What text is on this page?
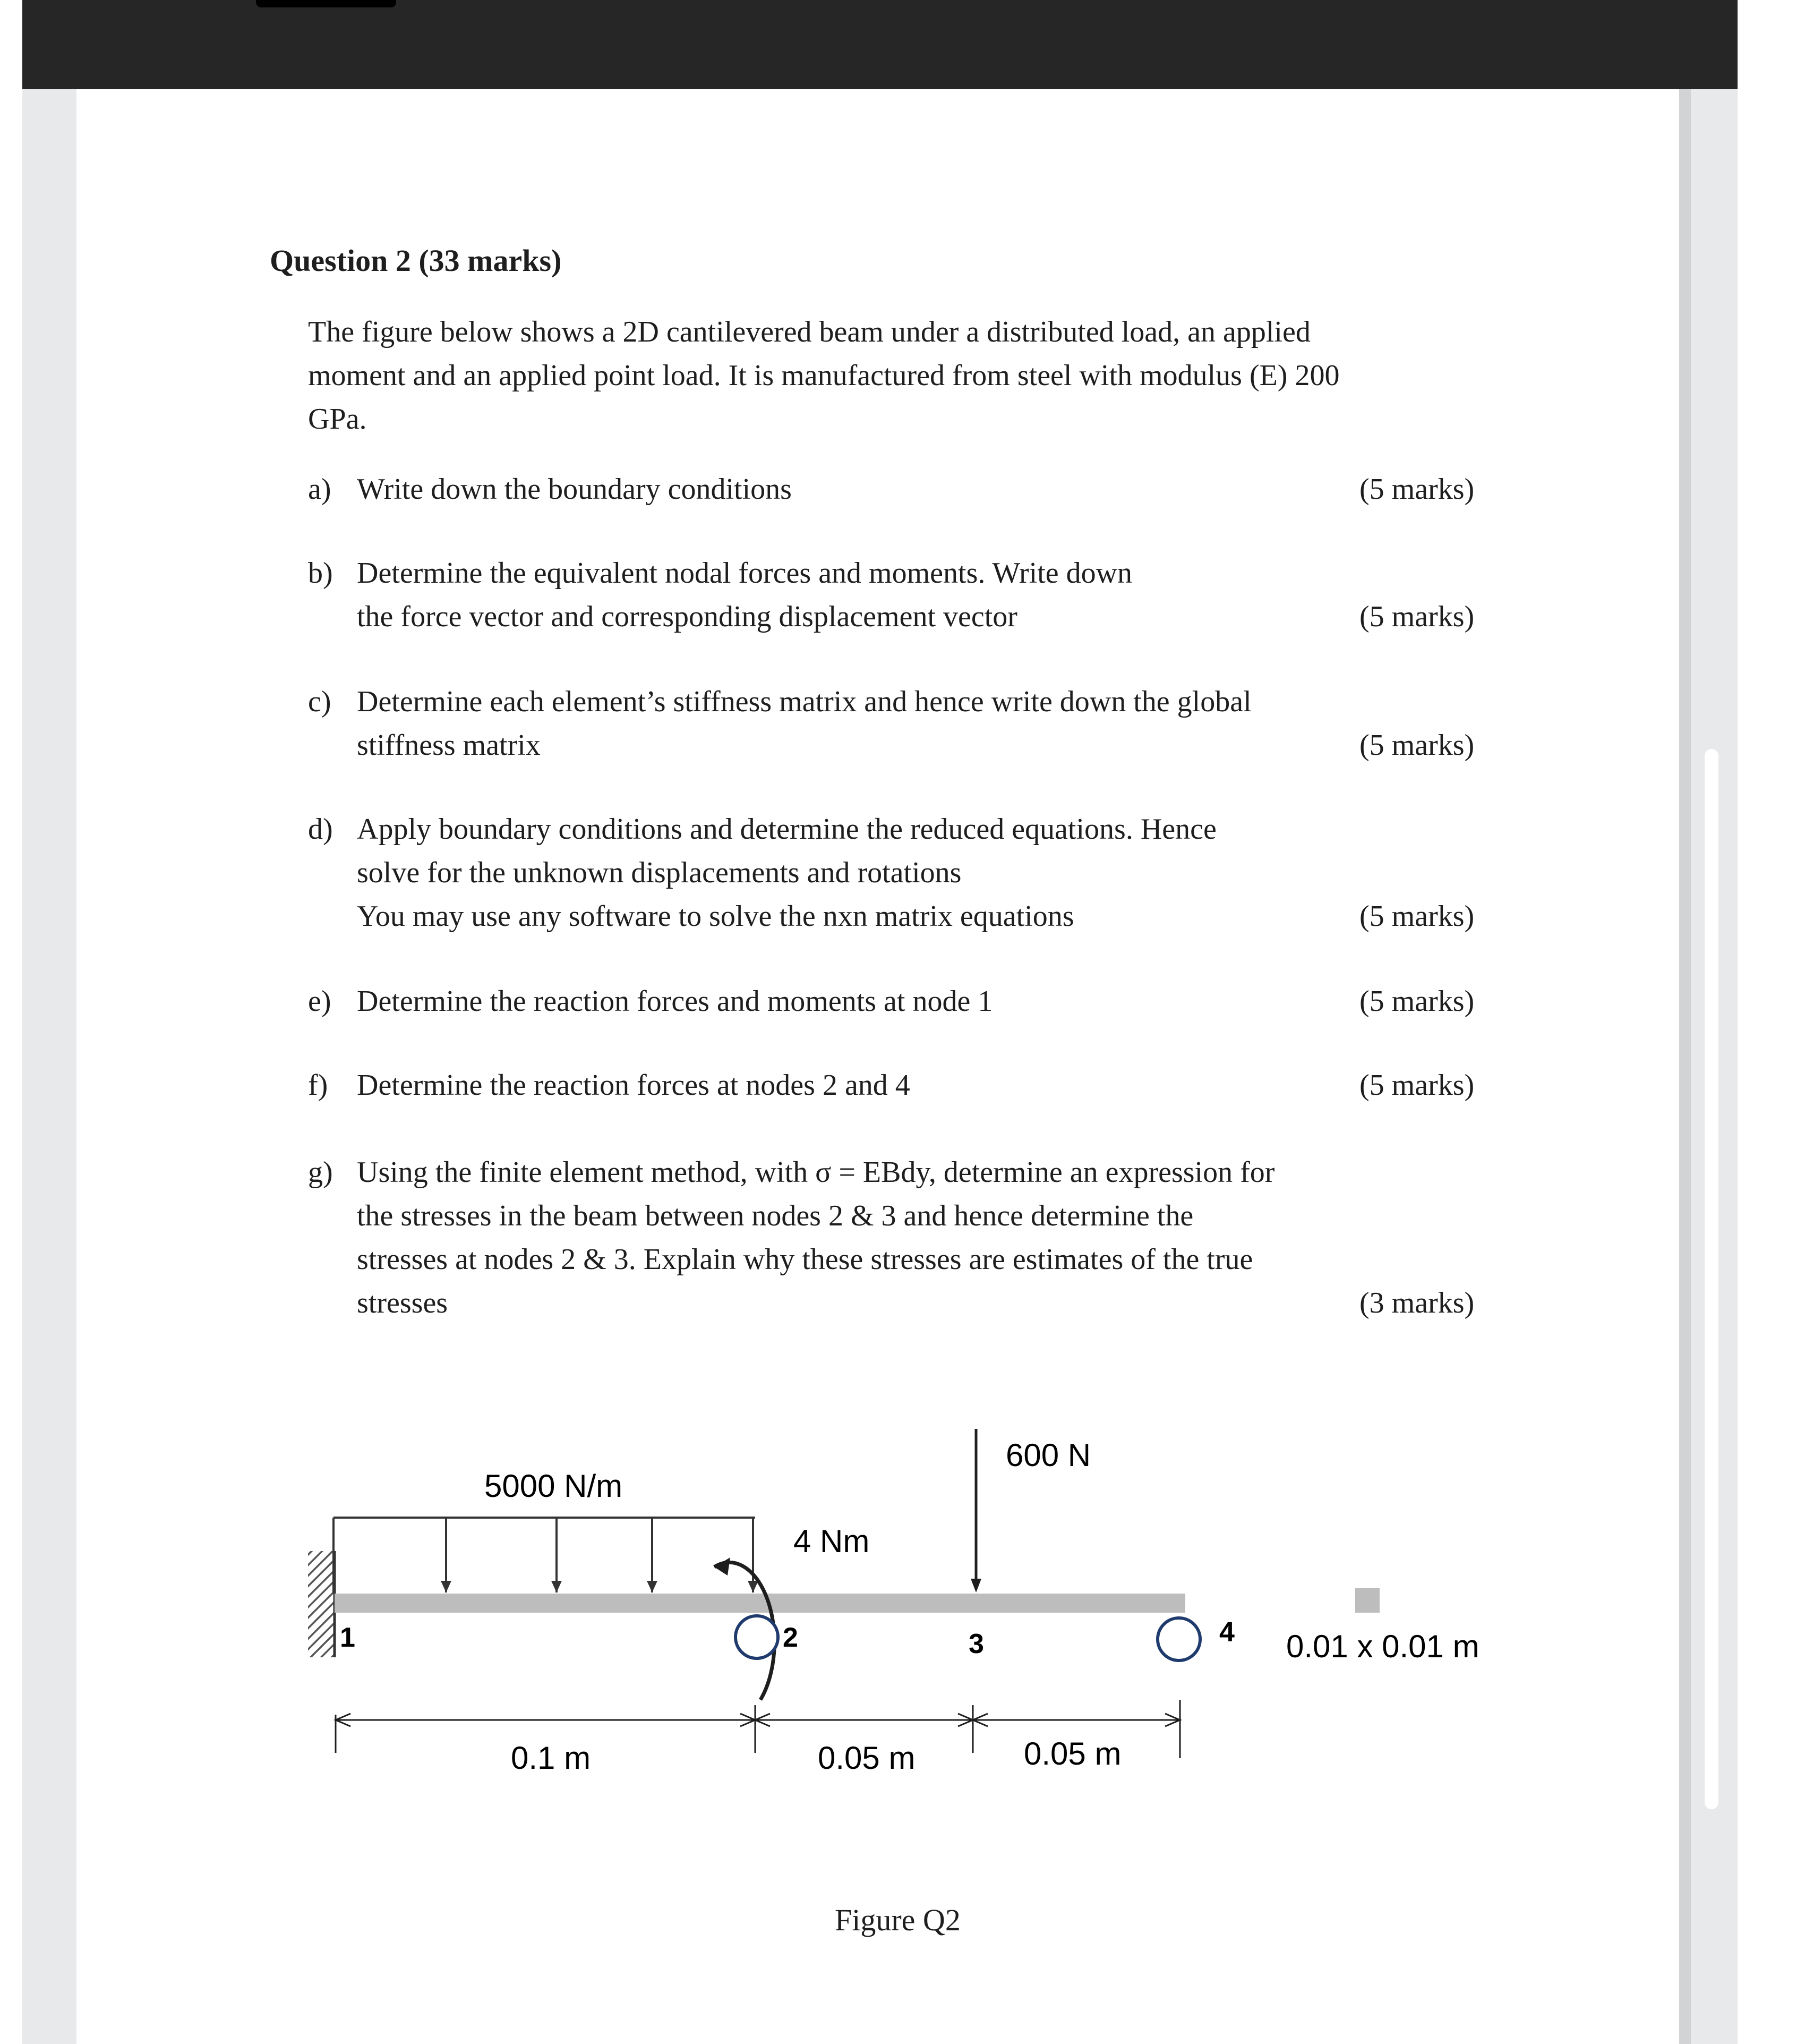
Question 2 (33 marks)
The figure below shows a 2D cantilevered beam under a distributed load, an applied
moment and an applied point load. It is manufactured from steel with modulus (E) 200
GPa.
a) Write down the boundary conditions	(5 marks)
b) Determine the equivalent nodal forces and moments. Write down
the force vector and corresponding displacement vector	(5 marks)
c) Determine each element’s stiffness matrix and hence write down the global
stiffness matrix	(5 marks)
d) Apply boundary conditions and determine the reduced equations. Hence
solve for the unknown displacements and rotations
You may use any software to solve the nxn matrix equations	(5 marks)
e) Determine the reaction forces and moments at node 1	(5 marks)
f) Determine the reaction forces at nodes 2 and 4	(5 marks)
g) Using the finite element method, with σ = EBdy, determine an expression for
the stresses in the beam between nodes 2 & 3 and hence determine the
stresses at nodes 2 & 3. Explain why these stresses are estimates of the true
stresses	(3 marks)
5000 N/m
4 Nm
600 N
1	2	3	4 0.01 x 0.01 m
0.1 m	0.05 m	0.05 m
Figure Q2
